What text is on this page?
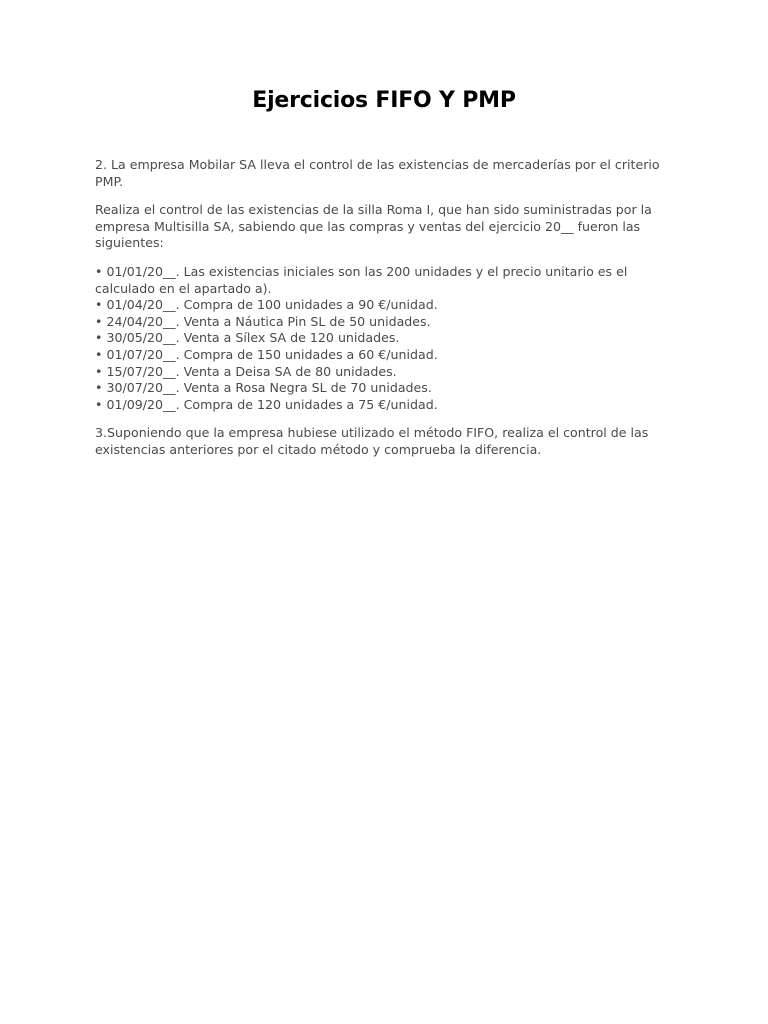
Ejercicios FIFO Y PMP

2. La empresa Mobilar SA lleva el control de las existencias de mercaderías por el criterio PMP.

Realiza el control de las existencias de la silla Roma I, que han sido suministradas por la empresa Multisilla SA, sabiendo que las compras y ventas del ejercicio 20__ fueron las siguientes:

• 01/01/20__. Las existencias iniciales son las 200 unidades y el precio unitario es el calculado en el apartado a).
• 01/04/20__. Compra de 100 unidades a 90 €/unidad.
• 24/04/20__. Venta a Náutica Pin SL de 50 unidades.
• 30/05/20__. Venta a Sílex SA de 120 unidades.
• 01/07/20__. Compra de 150 unidades a 60 €/unidad.
• 15/07/20__. Venta a Deisa SA de 80 unidades.
• 30/07/20__. Venta a Rosa Negra SL de 70 unidades.
• 01/09/20__. Compra de 120 unidades a 75 €/unidad.

3.Suponiendo que la empresa hubiese utilizado el método FIFO, realiza el control de las existencias anteriores por el citado método y comprueba la diferencia.
